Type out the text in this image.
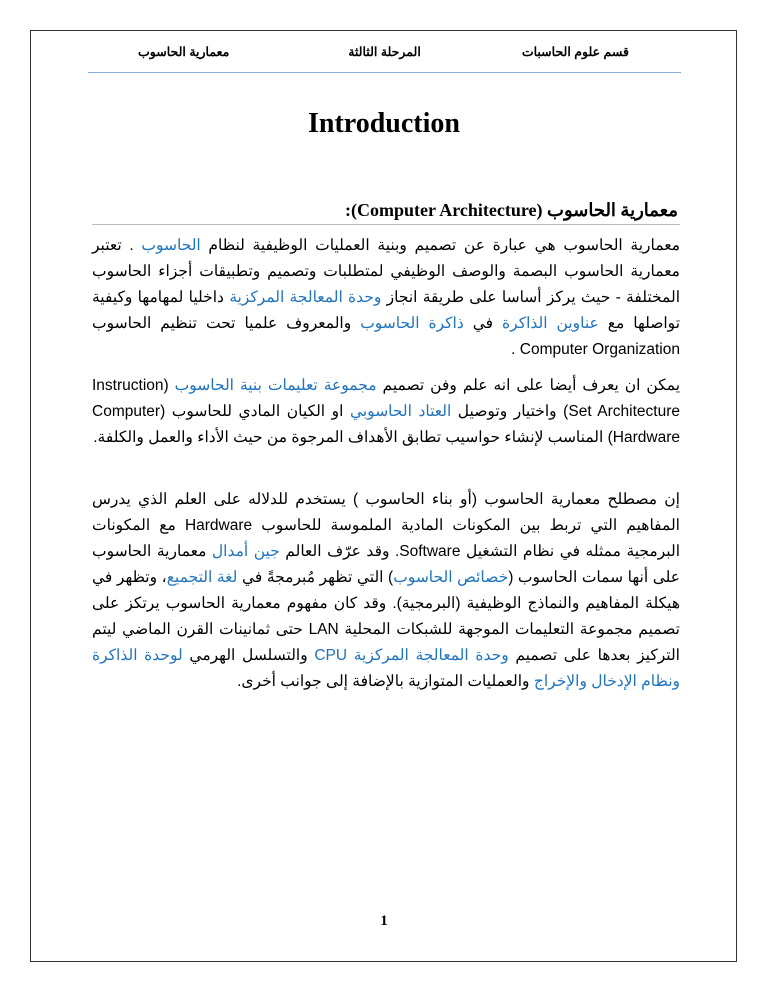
قسم علوم الحاسبات
المرحلة الثالثة
معمارية الحاسوب
Introduction
معمارية الحاسوب (Computer Architecture):

معمارية الحاسوب هي عبارة عن تصميم وبنية العمليات الوظيفية لنظام الحاسوب . تعتبر معمارية الحاسوب البصمة والوصف الوظيفي لمتطلبات وتصميم وتطبيقات أجزاء الحاسوب المختلفة - حيث يركز أساسا على طريقة انجاز وحدة المعالجة المركزية داخليا لمهامها وكيفية تواصلها مع عناوين الذاكرة في ذاكرة الحاسوب والمعروف علميا تحت تنظيم الحاسوب Computer Organization .

يمكن ان يعرف أيضا على انه علم وفن تصميم مجموعة تعليمات بنية الحاسوب (Instruction Set Architecture) واختيار وتوصيل العتاد الحاسوبي او الكيان المادي للحاسوب (Computer Hardware) المناسب لإنشاء حواسيب تطابق الأهداف المرجوة من حيث الأداء والعمل والكلفة.

إن مصطلح معمارية الحاسوب (أو بناء الحاسوب ) يستخدم للدلاله على العلم الذي يدرس المفاهيم التي تربط بين المكونات المادية الملموسة للحاسوب Hardware مع المكونات البرمجية ممثله في نظام التشغيل Software. وقد عرّف العالم جين أمدال معمارية الحاسوب على أنها سمات الحاسوب (خصائص الحاسوب) التي تظهر مُبرمجةً في لغة التجميع، وتظهر في هيكلة المفاهيم والنماذج الوظيفية (البرمجية). وقد كان مفهوم معمارية الحاسوب يرتكز على تصميم مجموعة التعليمات الموجهة للشبكات المحلية LAN حتى ثمانينات القرن الماضي ليتم التركيز بعدها على تصميم وحدة المعالجة المركزية CPU والتسلسل الهرمي لوحدة الذاكرة ونظام الإدخال والإخراج والعمليات المتوازية بالإضافة إلى جوانب أخرى.

1
